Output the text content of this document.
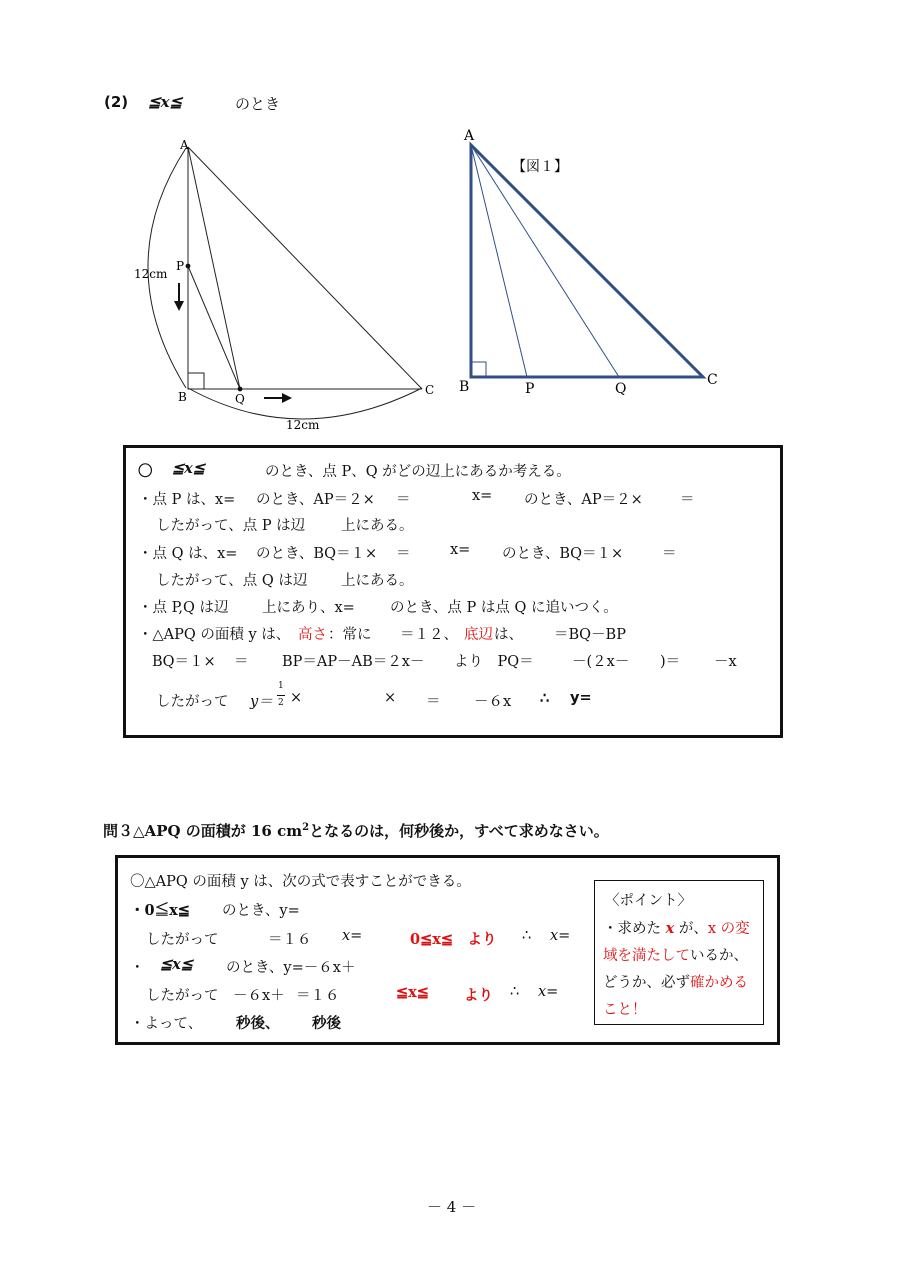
(2) ≦x≦	のとき
A
P
B	Q
C
12cm
12cm
A
【図１】
B	P	Q
C
〇 ≦x≦	のとき、点 P、Q がどの辺上にあるか考える。
・点 P は、x= のとき、AP＝２× ＝	x= のとき、AP＝２×	＝
したがって、点 P は辺 上にある。
・点 Q は、x= のとき、BQ＝１× ＝	x= のとき、BQ＝１×	＝
したがって、点 Q は辺 上にある。
・点 P,Q は辺 上にあり、x= のとき、点 P は点 Q に追いつく。
・△APQ の面積 y は、 高さ ：常に ＝１２、 底辺 は、 ＝BQ－BP
BQ＝１× ＝ BP＝AP－AB＝２x－ より　PQ＝	－(２x－ )＝ －x
したがって y＝
1
2 ×	× ＝ －６x ∴ y=
問３△APQ の面積が 16 $cm^2$となるのは，何秒後か，すべて求めなさい。
〇△APQ の面積 y は、次の式で表すことができる。
・0≦x≦ のとき、y=
したがって	＝１６ x=	0≦x≦　より ∴ x=
・ ≦x≦ のとき、y=－６x＋
したがって　－６x＋ ＝１６	≦x≦ より ∴ x=
・よって、 秒後、 秒後
〈ポイント〉
・求めた x が、x の変
域を満たしているか、
どうか、必ず確かめる
こと！
－ 4 －
